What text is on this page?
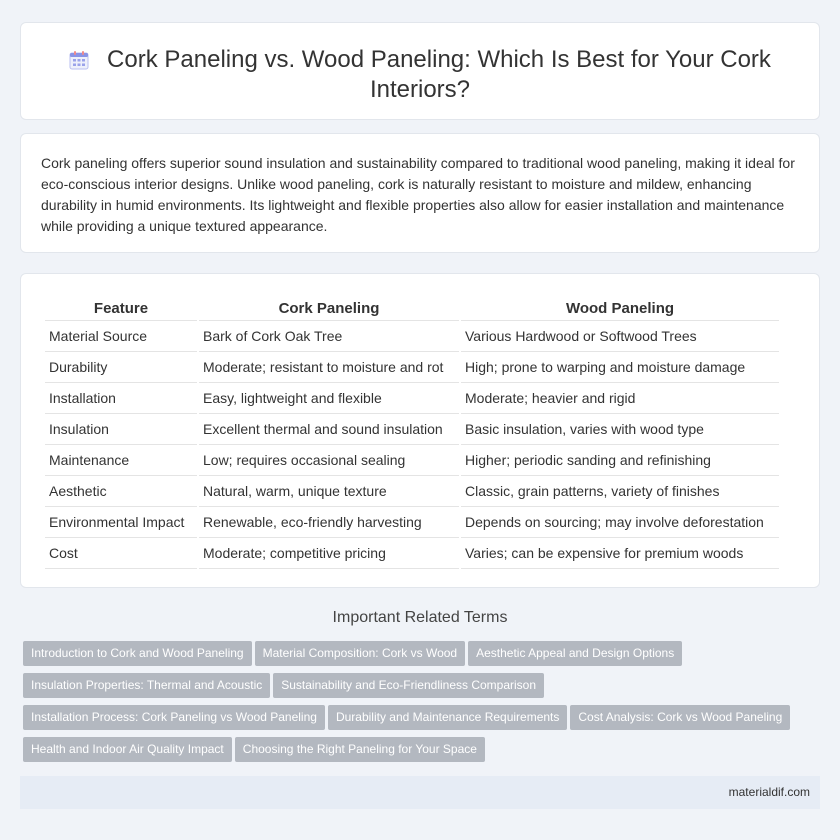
Cork Paneling vs. Wood Paneling: Which Is Best for Your Cork Interiors?
Cork paneling offers superior sound insulation and sustainability compared to traditional wood paneling, making it ideal for eco-conscious interior designs. Unlike wood paneling, cork is naturally resistant to moisture and mildew, enhancing durability in humid environments. Its lightweight and flexible properties also allow for easier installation and maintenance while providing a unique textured appearance.
Feature	Cork Paneling	Wood Paneling
Material Source	Bark of Cork Oak Tree	Various Hardwood or Softwood Trees
Durability	Moderate; resistant to moisture and rot	High; prone to warping and moisture damage
Installation	Easy, lightweight and flexible	Moderate; heavier and rigid
Insulation	Excellent thermal and sound insulation	Basic insulation, varies with wood type
Maintenance	Low; requires occasional sealing	Higher; periodic sanding and refinishing
Aesthetic	Natural, warm, unique texture	Classic, grain patterns, variety of finishes
Environmental Impact	Renewable, eco-friendly harvesting	Depends on sourcing; may involve deforestation
Cost	Moderate; competitive pricing	Varies; can be expensive for premium woods
Important Related Terms
Introduction to Cork and Wood Paneling Material Composition: Cork vs Wood Aesthetic Appeal and Design Options
Insulation Properties: Thermal and Acoustic Sustainability and Eco-Friendliness Comparison
Installation Process: Cork Paneling vs Wood Paneling Durability and Maintenance Requirements Cost Analysis: Cork vs Wood Paneling
Health and Indoor Air Quality Impact Choosing the Right Paneling for Your Space
materialdif.com
